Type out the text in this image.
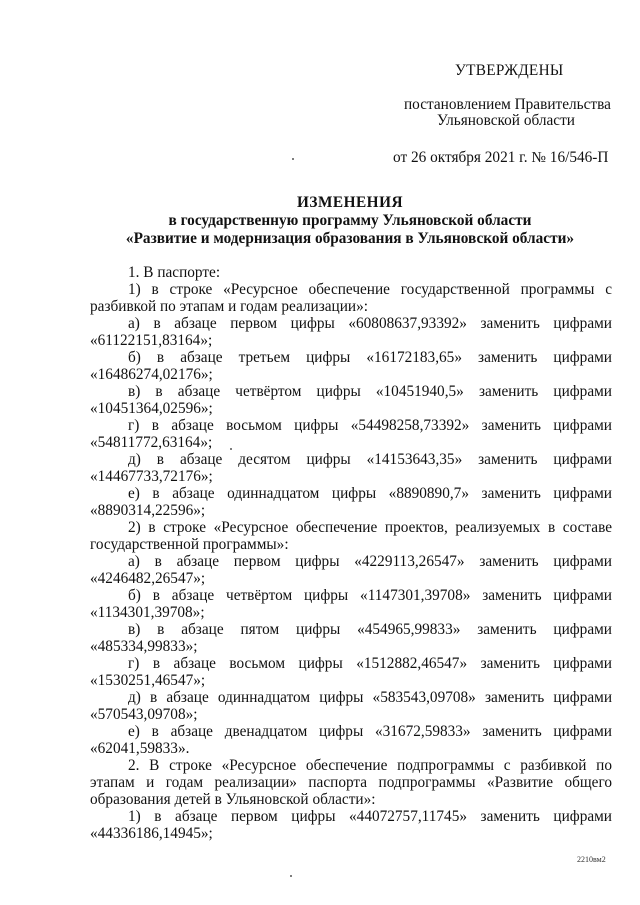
УТВЕРЖДЕНЫ
постановлением Правительства
Ульяновской области
от 26 октября 2021 г. № 16/546-П
ИЗМЕНЕНИЯ
в государственную программу Ульяновской области
«Развитие и модернизация образования в Ульяновской области»

1. В паспорте:

1) в строке «Ресурсное обеспечение государственной программы с разбивкой по этапам и годам реализации»:

а) в абзаце первом цифры «60808637,93392» заменить цифрами «61122151,83164»;

б) в абзаце третьем цифры «16172183,65» заменить цифрами «16486274,02176»;

в) в абзаце четвёртом цифры «10451940,5» заменить цифрами «10451364,02596»;

г) в абзаце восьмом цифры «54498258,73392» заменить цифрами «54811772,63164»;

д) в абзаце десятом цифры «14153643,35» заменить цифрами «14467733,72176»;

е) в абзаце одиннадцатом цифры «8890890,7» заменить цифрами «8890314,22596»;

2) в строке «Ресурсное обеспечение проектов, реализуемых в составе государственной программы»:

а) в абзаце первом цифры «4229113,26547» заменить цифрами «4246482,26547»;

б) в абзаце четвёртом цифры «1147301,39708» заменить цифрами «1134301,39708»;

в) в абзаце пятом цифры «454965,99833» заменить цифрами «485334,99833»;

г) в абзаце восьмом цифры «1512882,46547» заменить цифрами «1530251,46547»;

д) в абзаце одиннадцатом цифры «583543,09708» заменить цифрами «570543,09708»;

е) в абзаце двенадцатом цифры «31672,59833» заменить цифрами «62041,59833».

2. В строке «Ресурсное обеспечение подпрограммы с разбивкой по этапам и годам реализации» паспорта подпрограммы «Развитие общего образования детей в Ульяновской области»:

1) в абзаце первом цифры «44072757,11745» заменить цифрами «44336186,14945»;

2210вм2
